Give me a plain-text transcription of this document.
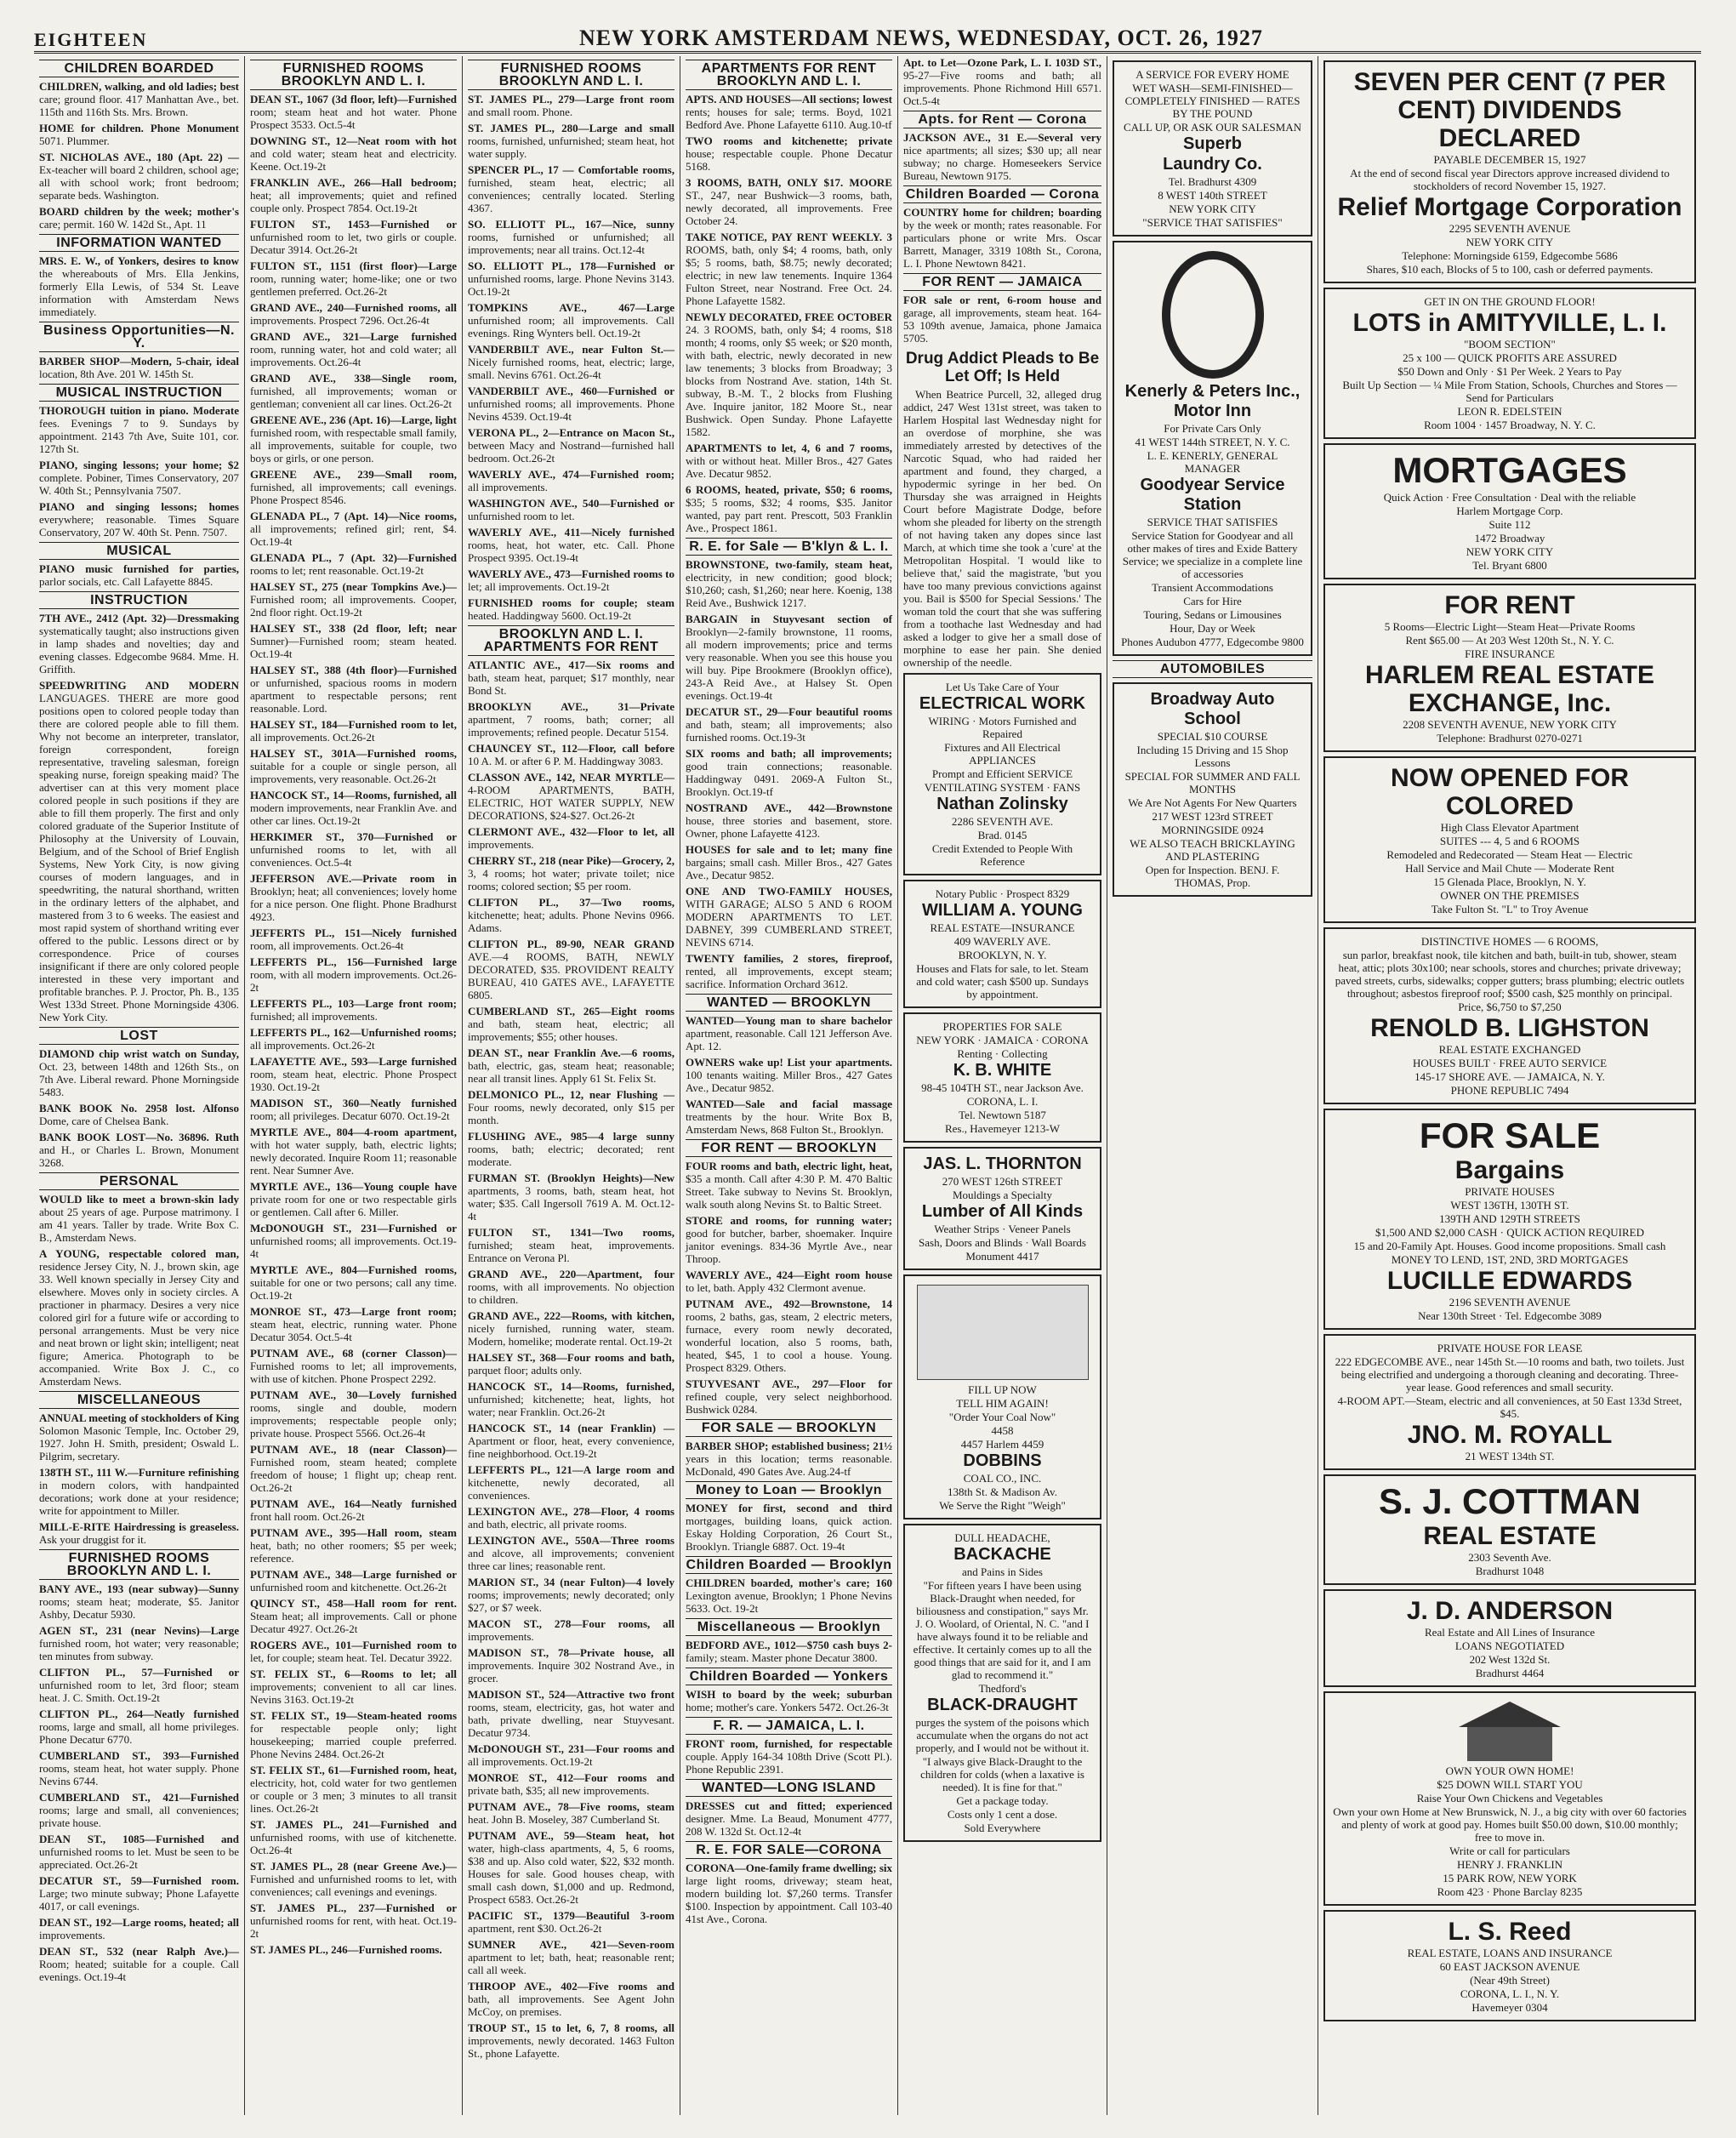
EIGHTEEN	NEW YORK AMSTERDAM NEWS, WEDNESDAY, OCT. 26, 1927
CHILDREN BOARDED

CHILDREN, walking, and old ladies; best care; ground floor. 417 Manhattan Ave., bet. 115th and 116th Sts. Mrs. Brown.

HOME for children. Phone Monument 5071. Plummer.

ST. NICHOLAS AVE., 180 (Apt. 22) —Ex-teacher will board 2 children, school age; all with school work; front bedroom; separate beds. Washington.

BOARD children by the week; mother's care; permit. 160 W. 142d St., Apt. 11

INFORMATION WANTED

MRS. E. W., of Yonkers, desires to know the whereabouts of Mrs. Ella Jenkins, formerly Ella Lewis, of 534 St. Leave information with Amsterdam News immediately.

Business Opportunities—N. Y.

BARBER SHOP—Modern, 5-chair, ideal location, 8th Ave. 201 W. 145th St.

MUSICAL INSTRUCTION

THOROUGH tuition in piano. Moderate fees. Evenings 7 to 9. Sundays by appointment. 2143 7th Ave, Suite 101, cor. 127th St.

PIANO, singing lessons; your home; $2 complete. Pobiner, Times Conservatory, 207 W. 40th St.; Pennsylvania 7507.

PIANO and singing lessons; homes everywhere; reasonable. Times Square Conservatory, 207 W. 40th St. Penn. 7507.

MUSICAL

PIANO music furnished for parties, parlor socials, etc. Call Lafayette 8845.

INSTRUCTION

7TH AVE., 2412 (Apt. 32)—Dressmaking systematically taught; also instructions given in lamp shades and novelties; day and evening classes. Edgecombe 9684. Mme. H. Griffith.

SPEEDWRITING AND MODERN LANGUAGES. THERE are more good positions open to colored people today than there are colored people able to fill them. Why not become an interpreter, translator, foreign correspondent, foreign representative, traveling salesman, foreign speaking nurse, foreign speaking maid? The advertiser can at this very moment place colored people in such positions if they are able to fill them properly. The first and only colored graduate of the Superior Institute of Philosophy at the University of Louvain, Belgium, and of the School of Brief English Systems, New York City, is now giving courses of modern languages, and in speedwriting, the natural shorthand, written in the ordinary letters of the alphabet, and mastered from 3 to 6 weeks. The easiest and most rapid system of shorthand writing ever offered to the public. Lessons direct or by correspondence. Price of courses insignificant if there are only colored people interested in these very important and profitable branches. P. J. Proctor, Ph. B., 135 West 133d Street. Phone Morningside 4306. New York City.

LOST

DIAMOND chip wrist watch on Sunday, Oct. 23, between 148th and 126th Sts., on 7th Ave. Liberal reward. Phone Morningside 5483.

BANK BOOK No. 2958 lost. Alfonso Dome, care of Chelsea Bank.

BANK BOOK LOST—No. 36896. Ruth and H., or Charles L. Brown, Monument 3268.

PERSONAL

WOULD like to meet a brown-skin lady about 25 years of age. Purpose matrimony. I am 41 years. Taller by trade. Write Box C. B., Amsterdam News.

A YOUNG, respectable colored man, residence Jersey City, N. J., brown skin, age 33. Well known specially in Jersey City and elsewhere. Moves only in society circles. A practioner in pharmacy. Desires a very nice colored girl for a future wife or according to personal arrangements. Must be very nice and neat brown or light skin; intelligent; neat figure; America. Photograph to be accompanied. Write Box J. C., co Amsterdam News.

MISCELLANEOUS

ANNUAL meeting of stockholders of King Solomon Masonic Temple, Inc. October 29, 1927. John H. Smith, president; Oswald L. Pilgrim, secretary.

138TH ST., 111 W.—Furniture refinishing in modern colors, with handpainted decorations; work done at your residence; write for appointment to Miller.

MILL-E-RITE Hairdressing is greaseless. Ask your druggist for it.

FURNISHED ROOMS BROOKLYN AND L. I.

BANY AVE., 193 (near subway)—Sunny rooms; steam heat; moderate, $5. Janitor Ashby, Decatur 5930.

AGEN ST., 231 (near Nevins)—Large furnished room, hot water; very reasonable; ten minutes from subway.

CLIFTON PL., 57—Furnished or unfurnished room to let, 3rd floor; steam heat. J. C. Smith. Oct.19-2t

CLIFTON PL., 264—Neatly furnished rooms, large and small, all home privileges. Phone Decatur 6770.

CUMBERLAND ST., 393—Furnished rooms, steam heat, hot water supply. Phone Nevins 6744.

CUMBERLAND ST., 421—Furnished rooms; large and small, all conveniences; private house.

DEAN ST., 1085—Furnished and unfurnished rooms to let. Must be seen to be appreciated. Oct.26-2t

DECATUR ST., 59—Furnished room. Large; two minute subway; Phone Lafayette 4017, or call evenings.

DEAN ST., 192—Large rooms, heated; all improvements.

DEAN ST., 532 (near Ralph Ave.)—Room; heated; suitable for a couple. Call evenings. Oct.19-4t

FURNISHED ROOMS BROOKLYN AND L. I.

DEAN ST., 1067 (3d floor, left)—Furnished room; steam heat and hot water. Phone Prospect 3533. Oct.5-4t

DOWNING ST., 12—Neat room with hot and cold water; steam heat and electricity. Keene. Oct.19-2t

FRANKLIN AVE., 266—Hall bedroom; heat; all improvements; quiet and refined couple only. Prospect 7854. Oct.19-2t

FULTON ST., 1453—Furnished or unfurnished room to let, two girls or couple. Decatur 3914. Oct.26-2t

FULTON ST., 1151 (first floor)—Large room, running water; home-like; one or two gentlemen preferred. Oct.26-2t

GRAND AVE., 240—Furnished rooms, all improvements. Prospect 7296. Oct.26-4t

GRAND AVE., 321—Large furnished room, running water, hot and cold water; all improvements. Oct.26-4t

GRAND AVE., 338—Single room, furnished, all improvements; woman or gentleman; convenient all car lines. Oct.26-2t

GREENE AVE., 236 (Apt. 16)—Large, light furnished room, with respectable small family, all improvements, suitable for couple, two boys or girls, or one person.

GREENE AVE., 239—Small room, furnished, all improvements; call evenings. Phone Prospect 8546.

GLENADA PL., 7 (Apt. 14)—Nice rooms, all improvements; refined girl; rent, $4. Oct.19-4t

GLENADA PL., 7 (Apt. 32)—Furnished rooms to let; rent reasonable. Oct.19-2t

HALSEY ST., 275 (near Tompkins Ave.)—Furnished room; all improvements. Cooper, 2nd floor right. Oct.19-2t

HALSEY ST., 338 (2d floor, left; near Sumner)—Furnished room; steam heated. Oct.19-4t

HALSEY ST., 388 (4th floor)—Furnished or unfurnished, spacious rooms in modern apartment to respectable persons; rent reasonable. Lord.

HALSEY ST., 184—Furnished room to let, all improvements. Oct.26-2t

HALSEY ST., 301A—Furnished rooms, suitable for a couple or single person, all improvements, very reasonable. Oct.26-2t

HANCOCK ST., 14—Rooms, furnished, all modern improvements, near Franklin Ave. and other car lines. Oct.19-2t

HERKIMER ST., 370—Furnished or unfurnished rooms to let, with all conveniences. Oct.5-4t

JEFFERSON AVE.—Private room in Brooklyn; heat; all conveniences; lovely home for a nice person. One flight. Phone Bradhurst 4923.

JEFFERTS PL., 151—Nicely furnished room, all improvements. Oct.26-4t

LEFFERTS PL., 156—Furnished large room, with all modern improvements. Oct.26-2t

LEFFERTS PL., 103—Large front room; furnished; all improvements.

LEFFERTS PL., 162—Unfurnished rooms; all improvements. Oct.26-2t

LAFAYETTE AVE., 593—Large furnished room, steam heat, electric. Phone Prospect 1930. Oct.19-2t

MADISON ST., 360—Neatly furnished room; all privileges. Decatur 6070. Oct.19-2t

MYRTLE AVE., 804—4-room apartment, with hot water supply, bath, electric lights; newly decorated. Inquire Room 11; reasonable rent. Near Sumner Ave.

MYRTLE AVE., 136—Young couple have private room for one or two respectable girls or gentlemen. Call after 6. Miller.

McDONOUGH ST., 231—Furnished or unfurnished rooms; all improvements. Oct.19-4t

MYRTLE AVE., 804—Furnished rooms, suitable for one or two persons; call any time. Oct.19-2t

MONROE ST., 473—Large front room; steam heat, electric, running water. Phone Decatur 3054. Oct.5-4t

PUTNAM AVE., 68 (corner Classon)—Furnished rooms to let; all improvements, with use of kitchen. Phone Prospect 2292.

PUTNAM AVE., 30—Lovely furnished rooms, single and double, modern improvements; respectable people only; private house. Prospect 5566. Oct.26-4t

PUTNAM AVE., 18 (near Classon)—Furnished room, steam heated; complete freedom of house; 1 flight up; cheap rent. Oct.26-2t

PUTNAM AVE., 164—Neatly furnished front hall room. Oct.26-2t

PUTNAM AVE., 395—Hall room, steam heat, bath; no other roomers; $5 per week; reference.

PUTNAM AVE., 348—Large furnished or unfurnished room and kitchenette. Oct.26-2t

QUINCY ST., 458—Hall room for rent. Steam heat; all improvements. Call or phone Decatur 4927. Oct.26-2t

ROGERS AVE., 101—Furnished room to let, for couple; steam heat. Tel. Decatur 3922.

ST. FELIX ST., 6—Rooms to let; all improvements; convenient to all car lines. Nevins 3163. Oct.19-2t

ST. FELIX ST., 19—Steam-heated rooms for respectable people only; light housekeeping; married couple preferred. Phone Nevins 2484. Oct.26-2t

ST. FELIX ST., 61—Furnished room, heat, electricity, hot, cold water for two gentlemen or couple or 3 men; 3 minutes to all transit lines. Oct.26-2t

ST. JAMES PL., 241—Furnished and unfurnished rooms, with use of kitchenette. Oct.26-4t

ST. JAMES PL., 28 (near Greene Ave.)—Furnished and unfurnished rooms to let, with conveniences; call evenings and evenings.

ST. JAMES PL., 237—Furnished or unfurnished rooms for rent, with heat. Oct.19-2t

ST. JAMES PL., 246—Furnished rooms.

FURNISHED ROOMS BROOKLYN AND L. I.

ST. JAMES PL., 279—Large front room and small room. Phone.

ST. JAMES PL., 280—Large and small rooms, furnished, unfurnished; steam heat, hot water supply.

SPENCER PL., 17 — Comfortable rooms, furnished, steam heat, electric; all conveniences; centrally located. Sterling 4367.

SO. ELLIOTT PL., 167—Nice, sunny rooms, furnished or unfurnished; all improvements; near all trains. Oct.12-4t

SO. ELLIOTT PL., 178—Furnished or unfurnished rooms, large. Phone Nevins 3143. Oct.19-2t

TOMPKINS AVE., 467—Large unfurnished room; all improvements. Call evenings. Ring Wynters bell. Oct.19-2t

VANDERBILT AVE., near Fulton St.—Nicely furnished rooms, heat, electric; large, small. Nevins 6761. Oct.26-4t

VANDERBILT AVE., 460—Furnished or unfurnished rooms; all improvements. Phone Nevins 4539. Oct.19-4t

VERONA PL., 2—Entrance on Macon St., between Macy and Nostrand—furnished hall bedroom. Oct.26-2t

WAVERLY AVE., 474—Furnished room; all improvements.

WASHINGTON AVE., 540—Furnished or unfurnished room to let.

WAVERLY AVE., 411—Nicely furnished rooms, heat, hot water, etc. Call. Phone Prospect 9395. Oct.19-4t

WAVERLY AVE., 473—Furnished rooms to let; all improvements. Oct.19-2t

FURNISHED rooms for couple; steam heated. Haddingway 5600. Oct.19-2t

BROOKLYN AND L. I. APARTMENTS FOR RENT

ATLANTIC AVE., 417—Six rooms and bath, steam heat, parquet; $17 monthly, near Bond St.

BROOKLYN AVE., 31—Private apartment, 7 rooms, bath; corner; all improvements; refined people. Decatur 5154.

CHAUNCEY ST., 112—Floor, call before 10 A. M. or after 6 P. M. Haddingway 3083.

CLASSON AVE., 142, NEAR MYRTLE—4-ROOM APARTMENTS, BATH, ELECTRIC, HOT WATER SUPPLY, NEW DECORATIONS, $24-$27. Oct.26-2t

CLERMONT AVE., 432—Floor to let, all improvements.

CHERRY ST., 218 (near Pike)—Grocery, 2, 3, 4 rooms; hot water; private toilet; nice rooms; colored section; $5 per room.

CLIFTON PL., 37—Two rooms, kitchenette; heat; adults. Phone Nevins 0966. Adams.

CLIFTON PL., 89-90, NEAR GRAND AVE.—4 ROOMS, BATH, NEWLY DECORATED, $35. PROVIDENT REALTY BUREAU, 410 GATES AVE., LAFAYETTE 6805.

CUMBERLAND ST., 265—Eight rooms and bath, steam heat, electric; all improvements; $55; other houses.

DEAN ST., near Franklin Ave.—6 rooms, bath, electric, gas, steam heat; reasonable; near all transit lines. Apply 61 St. Felix St.

DELMONICO PL., 12, near Flushing —Four rooms, newly decorated, only $15 per month.

FLUSHING AVE., 985—4 large sunny rooms, bath; electric; decorated; rent moderate.

FURMAN ST. (Brooklyn Heights)—New apartments, 3 rooms, bath, steam heat, hot water; $35. Call Ingersoll 7619 A. M. Oct.12-4t

FULTON ST., 1341—Two rooms, furnished; steam heat, improvements. Entrance on Verona Pl.

GRAND AVE., 220—Apartment, four rooms, with all improvements. No objection to children.

GRAND AVE., 222—Rooms, with kitchen, nicely furnished, running water, steam. Modern, homelike; moderate rental. Oct.19-2t

HALSEY ST., 368—Four rooms and bath, parquet floor; adults only.

HANCOCK ST., 14—Rooms, furnished, unfurnished; kitchenette; heat, lights, hot water; near Franklin. Oct.26-2t

HANCOCK ST., 14 (near Franklin) —Apartment or floor, heat, every convenience, fine neighborhood. Oct.19-2t

LEFFERTS PL., 121—A large room and kitchenette, newly decorated, all conveniences.

LEXINGTON AVE., 278—Floor, 4 rooms and bath, electric, all private rooms.

LEXINGTON AVE., 550A—Three rooms and alcove, all improvements; convenient three car lines; reasonable rent.

MARION ST., 34 (near Fulton)—4 lovely rooms; improvements; newly decorated; only $27, or $7 week.

MACON ST., 278—Four rooms, all improvements.

MADISON ST., 78—Private house, all improvements. Inquire 302 Nostrand Ave., in grocer.

MADISON ST., 524—Attractive two front rooms, steam, electricity, gas, hot water and bath, private dwelling, near Stuyvesant. Decatur 9734.

McDONOUGH ST., 231—Four rooms and all improvements. Oct.19-2t

MONROE ST., 412—Four rooms and private bath, $35; all new improvements.

PUTNAM AVE., 78—Five rooms, steam heat. John B. Moseley, 387 Cumberland St.

PUTNAM AVE., 59—Steam heat, hot water, high-class apartments, 4, 5, 6 rooms, $38 and up. Also cold water, $22, $32 month. Houses for sale. Good houses cheap, with small cash down, $1,000 and up. Redmond, Prospect 6583. Oct.26-2t

PACIFIC ST., 1379—Beautiful 3-room apartment, rent $30. Oct.26-2t

SUMNER AVE., 421—Seven-room apartment to let; bath, heat; reasonable rent; call all week.

THROOP AVE., 402—Five rooms and bath, all improvements. See Agent John McCoy, on premises.

TROUP ST., 15 to let, 6, 7, 8 rooms, all improvements, newly decorated. 1463 Fulton St., phone Lafayette.

APARTMENTS FOR RENT BROOKLYN AND L. I.

APTS. AND HOUSES—All sections; lowest rents; houses for sale; terms. Boyd, 1021 Bedford Ave. Phone Lafayette 6110. Aug.10-tf

TWO rooms and kitchenette; private house; respectable couple. Phone Decatur 5168.

3 ROOMS, BATH, ONLY $17. MOORE ST., 247, near Bushwick—3 rooms, bath, newly decorated, all improvements. Free October 24.

TAKE NOTICE, PAY RENT WEEKLY. 3 ROOMS, bath, only $4; 4 rooms, bath, only $5; 5 rooms, bath, $8.75; newly decorated; electric; in new law tenements. Inquire 1364 Fulton Street, near Nostrand. Free Oct. 24. Phone Lafayette 1582.

NEWLY DECORATED, FREE OCTOBER 24. 3 ROOMS, bath, only $4; 4 rooms, $18 month; 4 rooms, only $5 week; or $20 month, with bath, electric, newly decorated in new law tenements; 3 blocks from Broadway; 3 blocks from Nostrand Ave. station, 14th St. subway, B.-M. T., 2 blocks from Flushing Ave. Inquire janitor, 182 Moore St., near Bushwick. Open Sunday. Phone Lafayette 1582.

APARTMENTS to let, 4, 6 and 7 rooms, with or without heat. Miller Bros., 427 Gates Ave. Decatur 9852.

6 ROOMS, heated, private, $50; 6 rooms, $35; 5 rooms, $32; 4 rooms, $35. Janitor wanted, pay part rent. Prescott, 503 Franklin Ave., Prospect 1861.

R. E. for Sale — B'klyn & L. I.

BROWNSTONE, two-family, steam heat, electricity, in new condition; good block; $10,260; cash, $1,260; near here. Koenig, 138 Reid Ave., Bushwick 1217.

BARGAIN in Stuyvesant section of Brooklyn—2-family brownstone, 11 rooms, all modern improvements; price and terms very reasonable. When you see this house you will buy. Pipe Brookmere (Brooklyn office), 243-A Reid Ave., at Halsey St. Open evenings. Oct.19-4t

DECATUR ST., 29—Four beautiful rooms and bath, steam; all improvements; also furnished rooms. Oct.19-3t

SIX rooms and bath; all improvements; good train connections; reasonable. Haddingway 0491. 2069-A Fulton St., Brooklyn. Oct.19-tf

NOSTRAND AVE., 442—Brownstone house, three stories and basement, store. Owner, phone Lafayette 4123.

HOUSES for sale and to let; many fine bargains; small cash. Miller Bros., 427 Gates Ave., Decatur 9852.

ONE AND TWO-FAMILY HOUSES, WITH GARAGE; ALSO 5 AND 6 ROOM MODERN APARTMENTS TO LET. DABNEY, 399 CUMBERLAND STREET, NEVINS 6714.

TWENTY families, 2 stores, fireproof, rented, all improvements, except steam; sacrifice. Information Orchard 3612.

WANTED — BROOKLYN

WANTED—Young man to share bachelor apartment, reasonable. Call 121 Jefferson Ave. Apt. 12.

OWNERS wake up! List your apartments. 100 tenants waiting. Miller Bros., 427 Gates Ave., Decatur 9852.

WANTED—Sale and facial massage treatments by the hour. Write Box B, Amsterdam News, 868 Fulton St., Brooklyn.

FOR RENT — BROOKLYN

FOUR rooms and bath, electric light, heat, $35 a month. Call after 4:30 P. M. 470 Baltic Street. Take subway to Nevins St. Brooklyn, walk south along Nevins St. to Baltic Street.

STORE and rooms, for running water; good for butcher, barber, shoemaker. Inquire janitor evenings. 834-36 Myrtle Ave., near Throop.

WAVERLY AVE., 424—Eight room house to let, bath. Apply 432 Clermont avenue.

PUTNAM AVE., 492—Brownstone, 14 rooms, 2 baths, gas, steam, 2 electric meters, furnace, every room newly decorated, wonderful location, also 5 rooms, bath, heated, $45, 1 to cool a house. Young. Prospect 8329. Others.

STUYVESANT AVE., 297—Floor for refined couple, very select neighborhood. Bushwick 0284.

FOR SALE — BROOKLYN

BARBER SHOP; established business; 21½ years in this location; terms reasonable. McDonald, 490 Gates Ave. Aug.24-tf

Money to Loan — Brooklyn

MONEY for first, second and third mortgages, building loans, quick action. Eskay Holding Corporation, 26 Court St., Brooklyn. Triangle 6887. Oct. 19-4t

Children Boarded — Brooklyn

CHILDREN boarded, mother's care; 160 Lexington avenue, Brooklyn; 1 Phone Nevins 5633. Oct. 19-2t

Miscellaneous — Brooklyn

BEDFORD AVE., 1012—$750 cash buys 2-family; steam. Master phone Decatur 3800.

Children Boarded — Yonkers

WISH to board by the week; suburban home; mother's care. Yonkers 5472. Oct.26-3t

F. R. — JAMAICA, L. I.

FRONT room, furnished, for respectable couple. Apply 164-34 108th Drive (Scott Pl.). Phone Republic 2391.

WANTED—LONG ISLAND

DRESSES cut and fitted; experienced designer. Mme. La Beaud, Monument 4777, 208 W. 132d St. Oct.12-4t

R. E. FOR SALE—CORONA

CORONA—One-family frame dwelling; six large light rooms, driveway; steam heat, modern building lot. $7,260 terms. Transfer $100. Inspection by appointment. Call 103-40 41st Ave., Corona.

Apt. to Let—Ozone Park, L. I. 103D ST., 95-27—Five rooms and bath; all improvements. Phone Richmond Hill 6571. Oct.5-4t

Apts. for Rent — Corona

JACKSON AVE., 31 E.—Several very nice apartments; all sizes; $30 up; all near subway; no charge. Homeseekers Service Bureau, Newtown 9175.

Children Boarded — Corona

COUNTRY home for children; boarding by the week or month; rates reasonable. For particulars phone or write Mrs. Oscar Barrett, Manager, 3319 108th St., Corona, L. I. Phone Newtown 8421.

FOR RENT — JAMAICA

FOR sale or rent, 6-room house and garage, all improvements, steam heat. 164-53 109th avenue, Jamaica, phone Jamaica 5705.

Drug Addict Pleads to Be Let Off; Is Held

When Beatrice Purcell, 32, alleged drug addict, 247 West 131st street, was taken to Harlem Hospital last Wednesday night for an overdose of morphine, she was immediately arrested by detectives of the Narcotic Squad, who had raided her apartment and found, they charged, a hypodermic syringe in her bed. On Thursday she was arraigned in Heights Court before Magistrate Dodge, before whom she pleaded for liberty on the strength of not having taken any dopes since last March, at which time she took a 'cure' at the Metropolitan Hospital. 'I would like to believe that,' said the magistrate, 'but you have too many previous convictions against you. Bail is $500 for Special Sessions.' The woman told the court that she was suffering from a toothache last Wednesday and had asked a lodger to give her a small dose of morphine to ease her pain. She denied ownership of the needle.

Let Us Take Care of Your
ELECTRICAL WORK
WIRING · Motors Furnished and Repaired
Fixtures and All Electrical APPLIANCES
Prompt and Efficient SERVICE
VENTILATING SYSTEM · FANS
Nathan Zolinsky
2286 SEVENTH AVE.
Brad. 0145
Credit Extended to People With Reference
Notary Public · Prospect 8329
WILLIAM A. YOUNG
REAL ESTATE—INSURANCE
409 WAVERLY AVE.
BROOKLYN, N. Y.
Houses and Flats for sale, to let. Steam and cold water; cash $500 up. Sundays by appointment.
PROPERTIES FOR SALE
NEW YORK · JAMAICA · CORONA
Renting · Collecting
K. B. WHITE
98-45 104TH ST., near Jackson Ave.
CORONA, L. I.
Tel. Newtown 5187
Res., Havemeyer 1213-W
JAS. L. THORNTON
270 WEST 126th STREET
Mouldings a Specialty
Lumber of All Kinds
Weather Strips · Veneer Panels
Sash, Doors and Blinds · Wall Boards
Monument 4417
FILL UP NOW
TELL HIM AGAIN!
"Order Your Coal Now"
4458
4457 Harlem 4459
DOBBINS
COAL CO., INC.
138th St. & Madison Av.
We Serve the Right "Weigh"
DULL HEADACHE,
BACKACHE
and Pains in Sides
"For fifteen years I have been using Black-Draught when needed, for biliousness and constipation," says Mr. J. O. Woolard, of Oriental, N. C. "and I have always found it to be reliable and effective. It certainly comes up to all the good things that are said for it, and I am glad to recommend it."
Thedford's
BLACK-DRAUGHT
purges the system of the poisons which accumulate when the organs do not act properly, and I would not be without it.
"I always give Black-Draught to the children for colds (when a laxative is needed). It is fine for that."
Get a package today.
Costs only 1 cent a dose.
Sold Everywhere
A SERVICE FOR EVERY HOME
WET WASH—SEMI-FINISHED—COMPLETELY FINISHED — RATES BY THE POUND
CALL UP, OR ASK OUR SALESMAN
Superb
Laundry Co.
Tel. Bradhurst 4309
8 WEST 140th STREET
NEW YORK CITY
"SERVICE THAT SATISFIES"
Kenerly & Peters Inc., Motor Inn
For Private Cars Only
41 WEST 144th STREET, N. Y. C.
L. E. KENERLY, GENERAL MANAGER
Goodyear Service Station
SERVICE THAT SATISFIES
Service Station for Goodyear and all other makes of tires and Exide Battery Service; we specialize in a complete line of accessories
Transient Accommodations
Cars for Hire
Touring, Sedans or Limousines
Hour, Day or Week
Phones Audubon 4777, Edgecombe 9800
AUTOMOBILES
Broadway Auto School
SPECIAL $10 COURSE
Including 15 Driving and 15 Shop Lessons
SPECIAL FOR SUMMER AND FALL MONTHS
We Are Not Agents For New Quarters
217 WEST 123rd STREET
MORNINGSIDE 0924
WE ALSO TEACH BRICKLAYING AND PLASTERING
Open for Inspection. BENJ. F. THOMAS, Prop.
SEVEN PER CENT (7 PER CENT) DIVIDENDS DECLARED
PAYABLE DECEMBER 15, 1927
At the end of second fiscal year Directors approve increased dividend to stockholders of record November 15, 1927.
Relief Mortgage Corporation
2295 SEVENTH AVENUE
NEW YORK CITY
Telephone: Morningside 6159, Edgecombe 5686
Shares, $10 each, Blocks of 5 to 100, cash or deferred payments.
GET IN ON THE GROUND FLOOR!
LOTS in AMITYVILLE, L. I.
"BOOM SECTION"
25 x 100 — QUICK PROFITS ARE ASSURED
$50 Down and Only · $1 Per Week. 2 Years to Pay
Built Up Section — ¼ Mile From Station, Schools, Churches and Stores — Send for Particulars
LEON R. EDELSTEIN
Room 1004 · 1457 Broadway, N. Y. C.
MORTGAGES
Quick Action · Free Consultation · Deal with the reliable
Harlem Mortgage Corp.
Suite 112
1472 Broadway
NEW YORK CITY
Tel. Bryant 6800
FOR RENT
5 Rooms—Electric Light—Steam Heat—Private Rooms
Rent $65.00 — At 203 West 120th St., N. Y. C.
FIRE INSURANCE
HARLEM REAL ESTATE EXCHANGE, Inc.
2208 SEVENTH AVENUE, NEW YORK CITY
Telephone: Bradhurst 0270-0271
NOW OPENED FOR COLORED
High Class Elevator Apartment
SUITES --- 4, 5 and 6 ROOMS
Remodeled and Redecorated — Steam Heat — Electric
Hall Service and Mail Chute — Moderate Rent
15 Glenada Place, Brooklyn, N. Y.
OWNER ON THE PREMISES
Take Fulton St. "L" to Troy Avenue
DISTINCTIVE HOMES — 6 ROOMS,
sun parlor, breakfast nook, tile kitchen and bath, built-in tub, shower, steam heat, attic; plots 30x100; near schools, stores and churches; private driveway; paved streets, curbs, sidewalks; copper gutters; brass plumbing; electric outlets throughout; asbestos fireproof roof; $500 cash, $25 monthly on principal.
Price, $6,750 to $7,250
RENOLD B. LIGHSTON
REAL ESTATE EXCHANGED
HOUSES BUILT · FREE AUTO SERVICE
145-17 SHORE AVE. — JAMAICA, N. Y.
PHONE REPUBLIC 7494
FOR SALE
Bargains
PRIVATE HOUSES
WEST 136TH, 130TH ST.
139TH AND 129TH STREETS
$1,500 AND $2,000 CASH · QUICK ACTION REQUIRED
15 and 20-Family Apt. Houses. Good income propositions. Small cash
MONEY TO LEND, 1ST, 2ND, 3RD MORTGAGES
LUCILLE EDWARDS
2196 SEVENTH AVENUE
Near 130th Street · Tel. Edgecombe 3089
PRIVATE HOUSE FOR LEASE
222 EDGECOMBE AVE., near 145th St.—10 rooms and bath, two toilets. Just being electrified and undergoing a thorough cleaning and decorating. Three-year lease. Good references and small security.
4-ROOM APT.—Steam, electric and all conveniences, at 50 East 133d Street, $45.
JNO. M. ROYALL
21 WEST 134th ST.
S. J. COTTMAN
REAL ESTATE
2303 Seventh Ave.
Bradhurst 1048
J. D. ANDERSON
Real Estate and All Lines of Insurance
LOANS NEGOTIATED
202 West 132d St.
Bradhurst 4464
OWN YOUR OWN HOME!
$25 DOWN WILL START YOU
Raise Your Own Chickens and Vegetables
Own your own Home at New Brunswick, N. J., a big city with over 60 factories and plenty of work at good pay. Homes built $50.00 down, $10.00 monthly; free to move in.
Write or call for particulars
HENRY J. FRANKLIN
15 PARK ROW, NEW YORK
Room 423 · Phone Barclay 8235
L. S. Reed
REAL ESTATE, LOANS AND INSURANCE
60 EAST JACKSON AVENUE
(Near 49th Street)
CORONA, L. I., N. Y.
Havemeyer 0304
